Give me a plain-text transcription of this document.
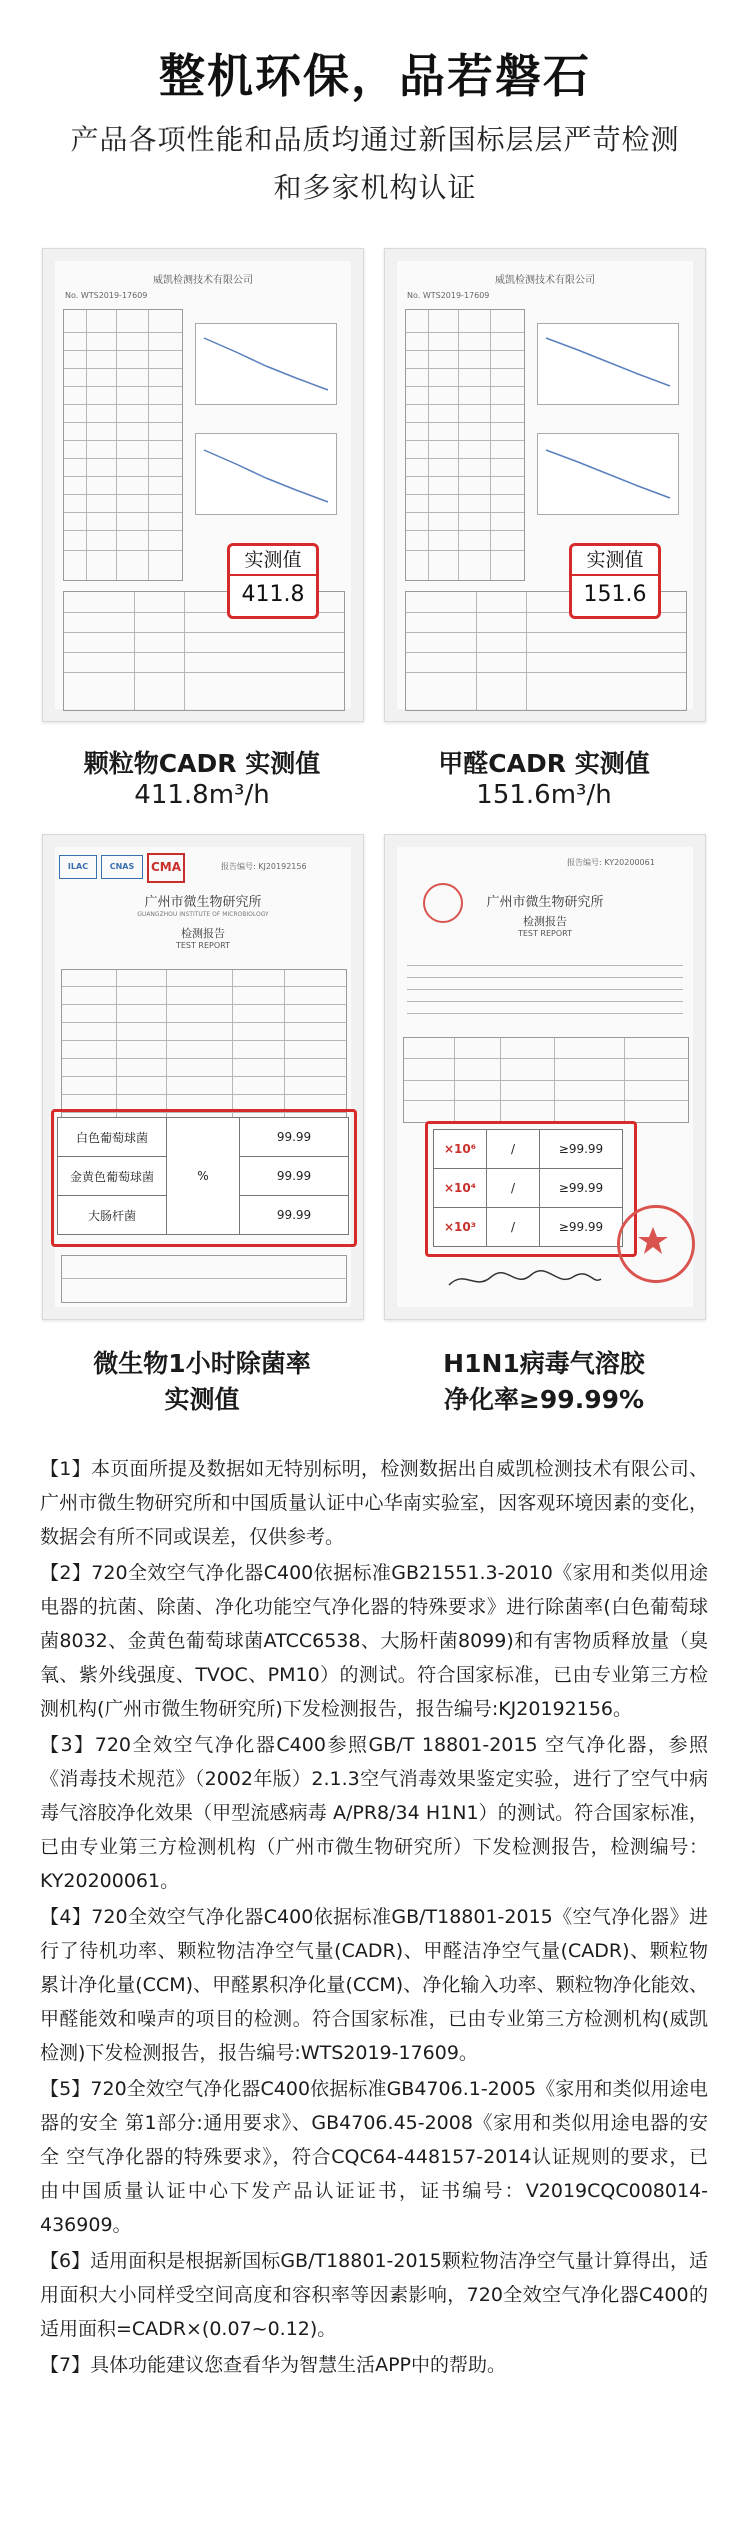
整机环保，品若磐石
产品各项性能和品质均通过新国标层层严苛检测
和多家机构认证
威凯检测技术有限公司
No. WTS2019-17609
实测值
411.8
颗粒物CADR 实测值
411.8m³/h
威凯检测技术有限公司
No. WTS2019-17609
实测值
151.6
甲醛CADR 实测值
151.6m³/h
ILAC	CNAS	CMA	报告编号: KJ20192156
广州市微生物研究所
GUANGZHOU INSTITUTE OF MICROBIOLOGY
检测报告
TEST REPORT
白色葡萄球菌	%	99.99
金黄色葡萄球菌		99.99
大肠杆菌		99.99
微生物1小时除菌率
实测值
报告编号: KY20200061
广州市微生物研究所
检测报告
TEST REPORT
×10⁶	/	≥99.99
×10⁴	/	≥99.99
×10³	/	≥99.99
H1N1病毒气溶胶
净化率≥99.99%

【1】本页面所提及数据如无特别标明，检测数据出自威凯检测技术有限公司、广州市微生物研究所和中国质量认证中心华南实验室，因客观环境因素的变化，数据会有所不同或误差，仅供参考。

【2】720全效空气净化器C400依据标准GB21551.3-2010《家用和类似用途电器的抗菌、除菌、净化功能空气净化器的特殊要求》进行除菌率(白色葡萄球菌8032、金黄色葡萄球菌ATCC6538、大肠杆菌8099)和有害物质释放量（臭氧、紫外线强度、TVOC、PM10）的测试。符合国家标准，已由专业第三方检测机构(广州市微生物研究所)下发检测报告，报告编号:KJ20192156。

【3】720全效空气净化器C400参照GB/T 18801-2015 空气净化器，参照《消毒技术规范》（2002年版）2.1.3空气消毒效果鉴定实验，进行了空气中病毒气溶胶净化效果（甲型流感病毒 A/PR8/34 H1N1）的测试。符合国家标准，已由专业第三方检测机构（广州市微生物研究所）下发检测报告，检测编号：KY20200061。

【4】720全效空气净化器C400依据标准GB/T18801-2015《空气净化器》进行了待机功率、颗粒物洁净空气量(CADR)、甲醛洁净空气量(CADR)、颗粒物累计净化量(CCM)、甲醛累积净化量(CCM)、净化输入功率、颗粒物净化能效、甲醛能效和噪声的项目的检测。符合国家标准，已由专业第三方检测机构(威凯检测)下发检测报告，报告编号:WTS2019-17609。

【5】720全效空气净化器C400依据标准GB4706.1-2005《家用和类似用途电器的安全 第1部分:通用要求》、GB4706.45-2008《家用和类似用途电器的安全 空气净化器的特殊要求》，符合CQC64-448157-2014认证规则的要求，已由中国质量认证中心下发产品认证证书，证书编号：V2019CQC008014-436909。

【6】适用面积是根据新国标GB/T18801-2015颗粒物洁净空气量计算得出，适用面积大小同样受空间高度和容积率等因素影响，720全效空气净化器C400的适用面积=CADR×(0.07~0.12)。

【7】具体功能建议您查看华为智慧生活APP中的帮助。
